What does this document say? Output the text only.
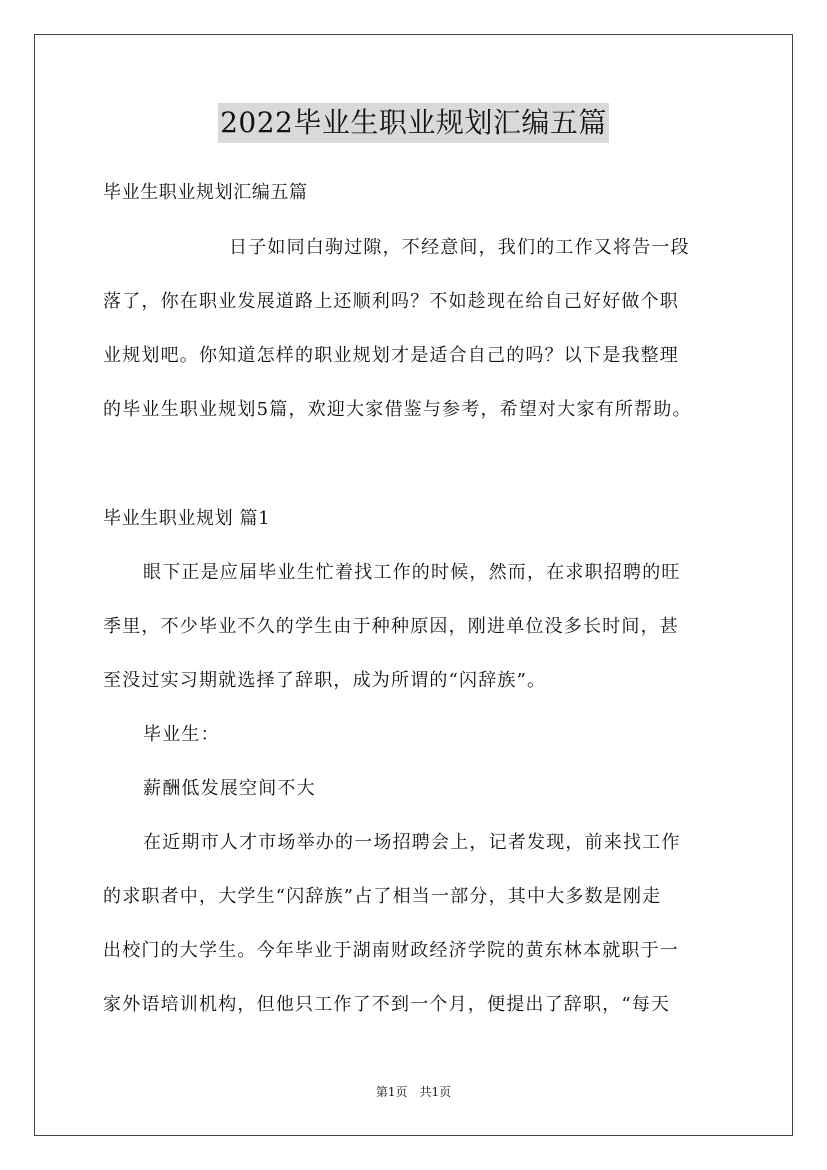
2022毕业生职业规划汇编五篇
毕业生职业规划汇编五篇
日子如同白驹过隙，不经意间，我们的工作又将告一段
落了，你在职业发展道路上还顺利吗？不如趁现在给自己好好做个职
业规划吧。你知道怎样的职业规划才是适合自己的吗？以下是我整理
的毕业生职业规划5篇，欢迎大家借鉴与参考，希望对大家有所帮助。
毕业生职业规划 篇1
眼下正是应届毕业生忙着找工作的时候，然而，在求职招聘的旺
季里，不少毕业不久的学生由于种种原因，刚进单位没多长时间，甚
至没过实习期就选择了辞职，成为所谓的“闪辞族”。
毕业生：
薪酬低发展空间不大
在近期市人才市场举办的一场招聘会上，记者发现，前来找工作
的求职者中，大学生“闪辞族”占了相当一部分，其中大多数是刚走
出校门的大学生。今年毕业于湖南财政经济学院的黄东林本就职于一
家外语培训机构，但他只工作了不到一个月，便提出了辞职，“每天
第1页　共1页
